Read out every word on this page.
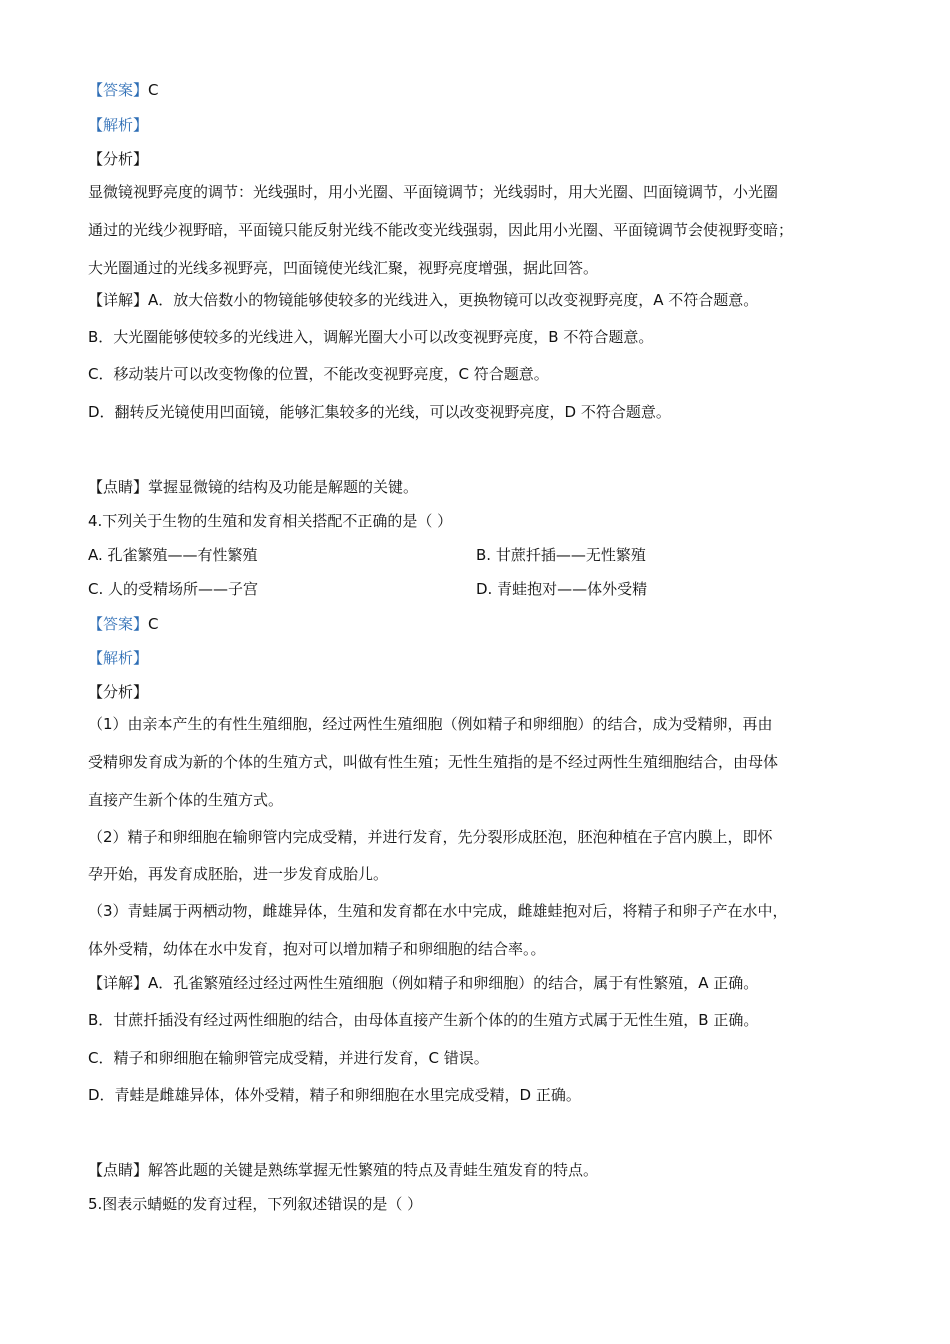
【答案】C
【解析】
【分析】
显微镜视野亮度的调节：光线强时，用小光圈、平面镜调节；光线弱时，用大光圈、凹面镜调节，小光圈
通过的光线少视野暗，平面镜只能反射光线不能改变光线强弱，因此用小光圈、平面镜调节会使视野变暗；
大光圈通过的光线多视野亮，凹面镜使光线汇聚，视野亮度增强，据此回答。
【详解】A．放大倍数小的物镜能够使较多的光线进入，更换物镜可以改变视野亮度，A 不符合题意。
B．大光圈能够使较多的光线进入，调解光圈大小可以改变视野亮度，B 不符合题意。
C．移动装片可以改变物像的位置，不能改变视野亮度，C 符合题意。
D．翻转反光镜使用凹面镜，能够汇集较多的光线，可以改变视野亮度，D 不符合题意。
【点睛】掌握显微镜的结构及功能是解题的关键。
4.下列关于生物的生殖和发育相关搭配不正确的是（ ）
A. 孔雀繁殖——有性繁殖	B. 甘蔗扦插——无性繁殖
C. 人的受精场所——子宫	D. 青蛙抱对——体外受精
【答案】C
【解析】
【分析】
（1）由亲本产生的有性生殖细胞，经过两性生殖细胞（例如精子和卵细胞）的结合，成为受精卵，再由
受精卵发育成为新的个体的生殖方式，叫做有性生殖；无性生殖指的是不经过两性生殖细胞结合，由母体
直接产生新个体的生殖方式。
（2）精子和卵细胞在输卵管内完成受精，并进行发育，先分裂形成胚泡，胚泡种植在子宫内膜上，即怀
孕开始，再发育成胚胎，进一步发育成胎儿。
（3）青蛙属于两栖动物，雌雄异体，生殖和发育都在水中完成，雌雄蛙抱对后，将精子和卵子产在水中，
体外受精，幼体在水中发育，抱对可以增加精子和卵细胞的结合率。。
【详解】A．孔雀繁殖经过经过两性生殖细胞（例如精子和卵细胞）的结合，属于有性繁殖，A 正确。
B．甘蔗扦插没有经过两性细胞的结合，由母体直接产生新个体的的生殖方式属于无性生殖，B 正确。
C．精子和卵细胞在输卵管完成受精，并进行发育，C 错误。
D．青蛙是雌雄异体，体外受精，精子和卵细胞在水里完成受精，D 正确。
【点睛】解答此题的关键是熟练掌握无性繁殖的特点及青蛙生殖发育的特点。
5.图表示蜻蜓的发育过程，下列叙述错误的是（ ）
